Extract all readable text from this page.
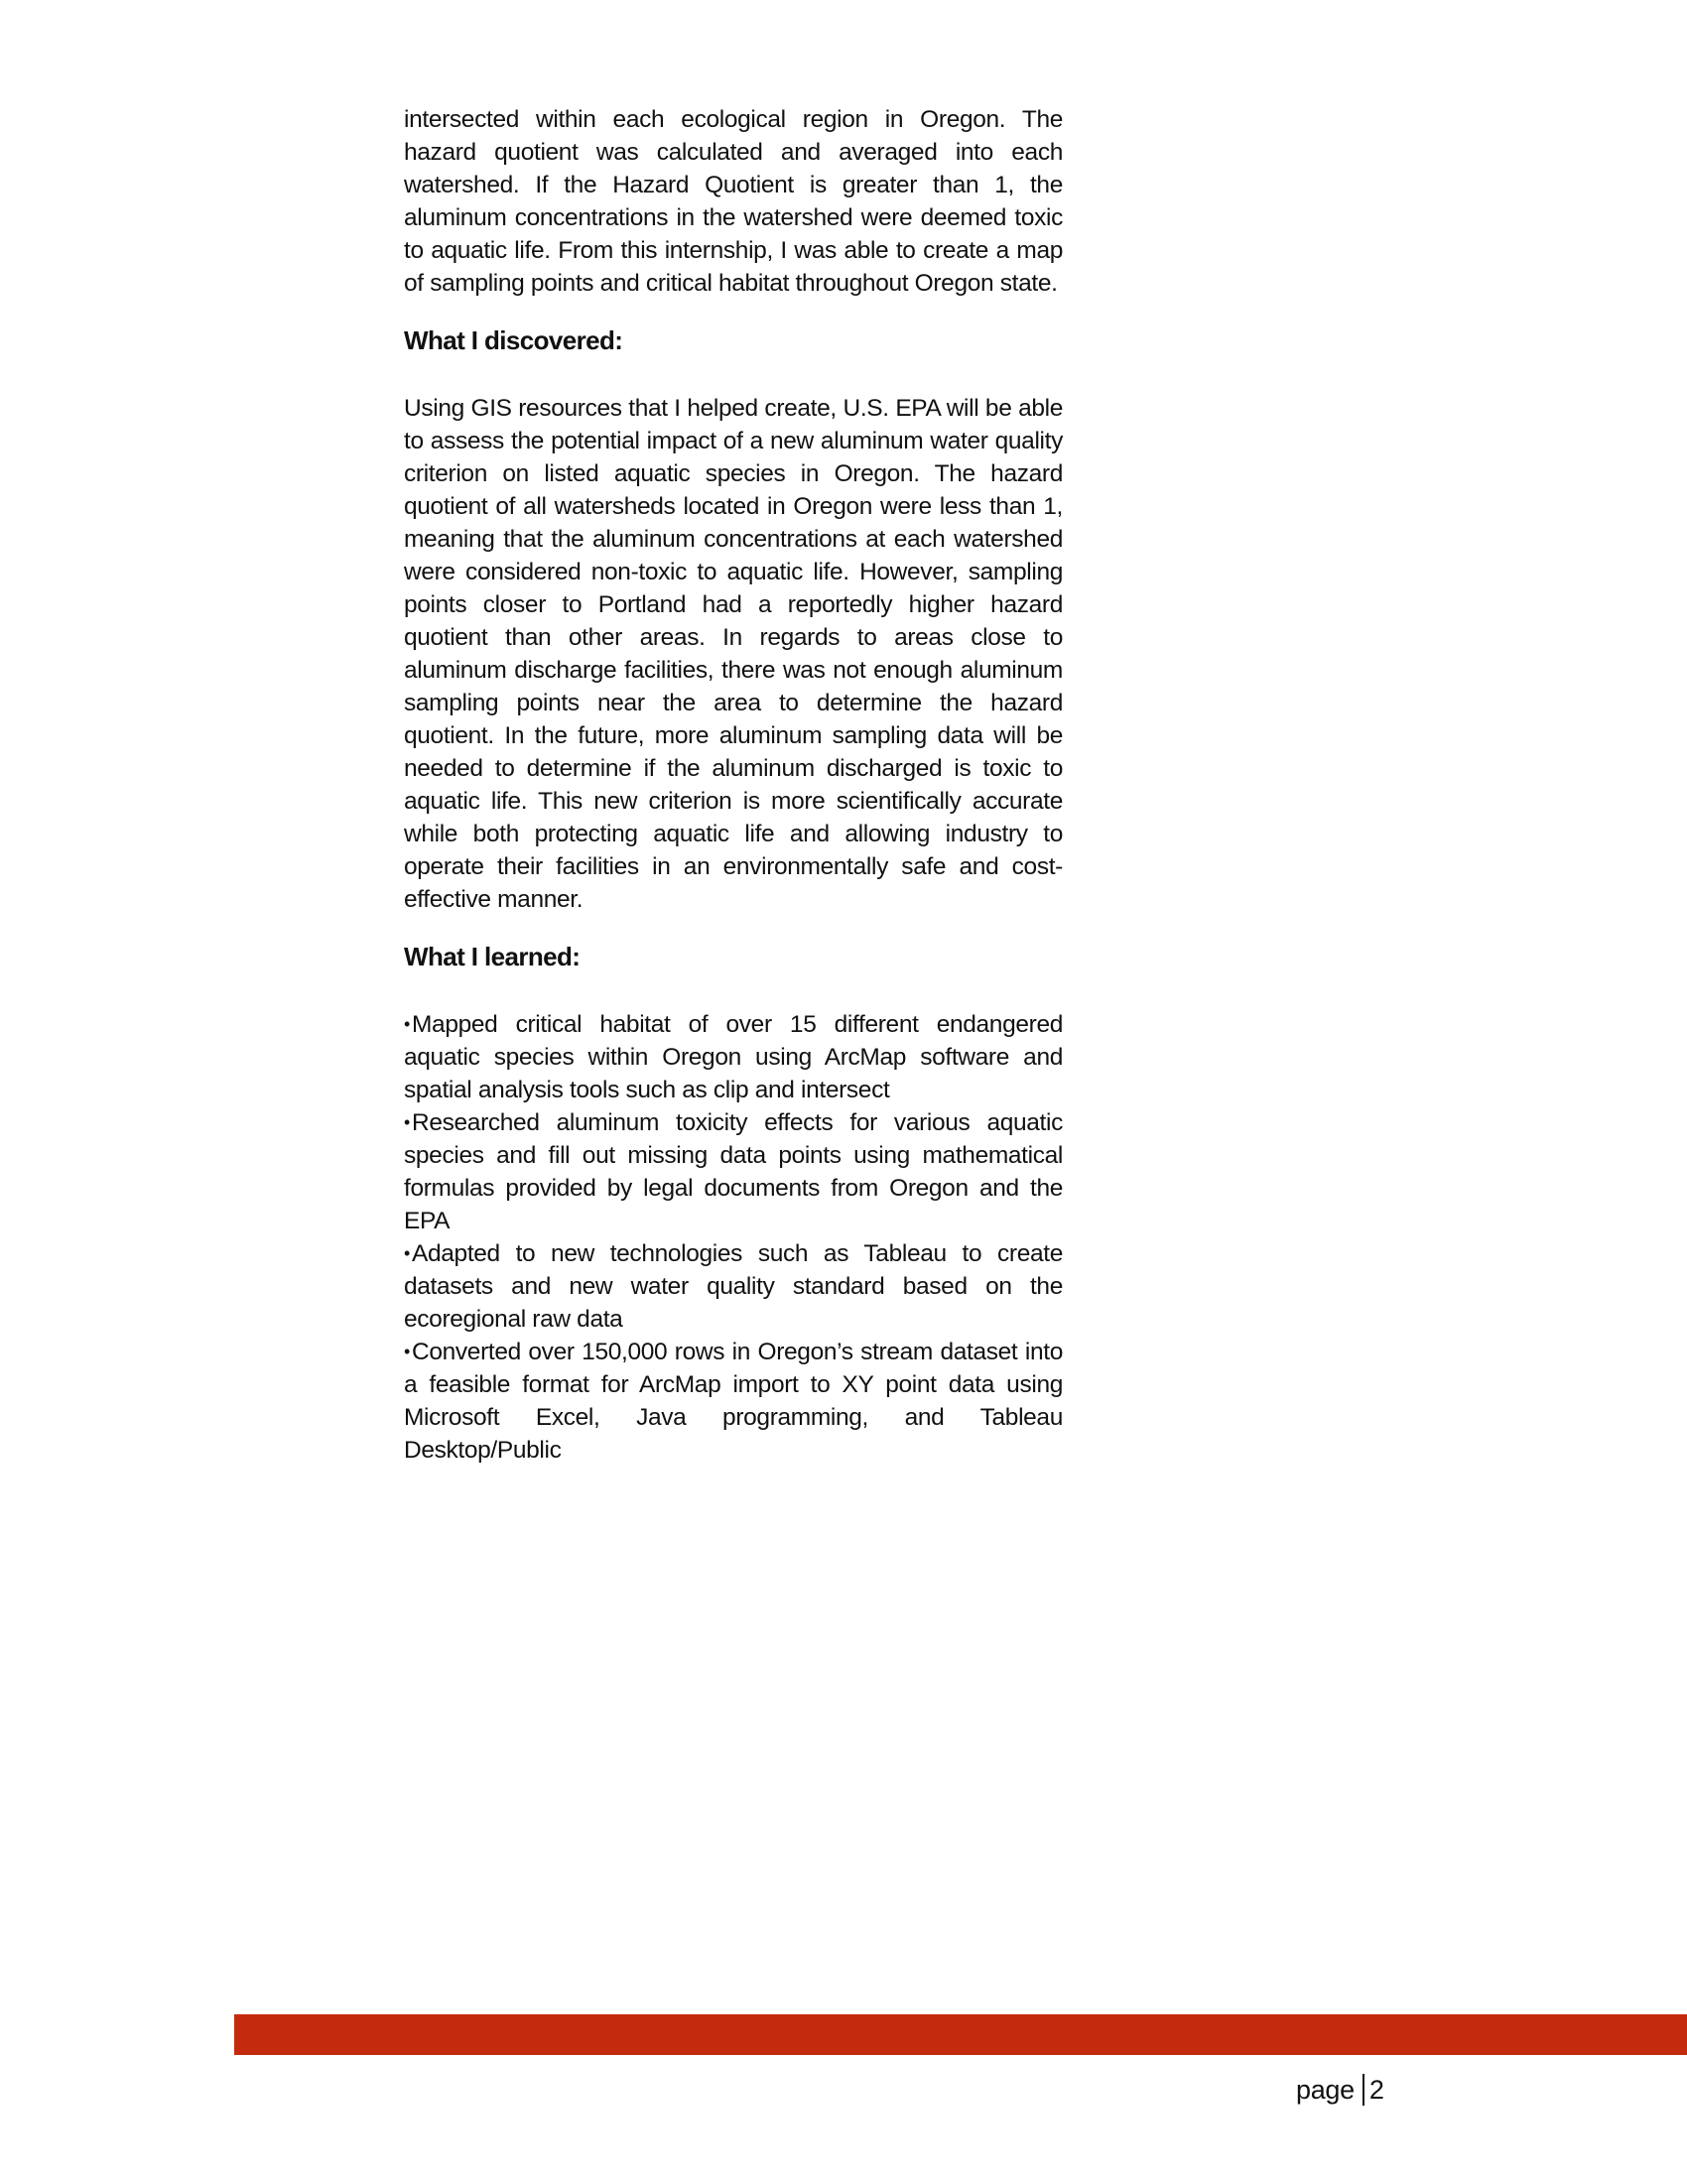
intersected within each ecological region in Oregon. The hazard quotient was calculated and averaged into each watershed. If the Hazard Quotient is greater than 1, the aluminum concentrations in the watershed were deemed toxic to aquatic life. From this internship, I was able to create a map of sampling points and critical habitat throughout Oregon state.

What I discovered:

Using GIS resources that I helped create, U.S. EPA will be able to assess the potential impact of a new aluminum water quality criterion on listed aquatic species in Oregon. The hazard quotient of all watersheds located in Oregon were less than 1, meaning that the aluminum concentrations at each watershed were considered non-toxic to aquatic life. However, sampling points closer to Portland had a reportedly higher hazard quotient than other areas. In regards to areas close to aluminum discharge facilities, there was not enough aluminum sampling points near the area to determine the hazard quotient. In the future, more aluminum sampling data will be needed to determine if the aluminum discharged is toxic to aquatic life. This new criterion is more scientifically accurate while both protecting aquatic life and allowing industry to operate their facilities in an environmentally safe and cost-effective manner.

What I learned:
•Mapped critical habitat of over 15 different endangered aquatic species within Oregon using ArcMap software and spatial analysis tools such as clip and intersect
•Researched aluminum toxicity effects for various aquatic species and fill out missing data points using mathematical formulas provided by legal documents from Oregon and the EPA
•Adapted to new technologies such as Tableau to create datasets and new water quality standard based on the ecoregional raw data
•Converted over 150,000 rows in Oregon’s stream dataset into a feasible format for ArcMap import to XY point data using Microsoft Excel, Java programming, and Tableau Desktop/Public
page 2
